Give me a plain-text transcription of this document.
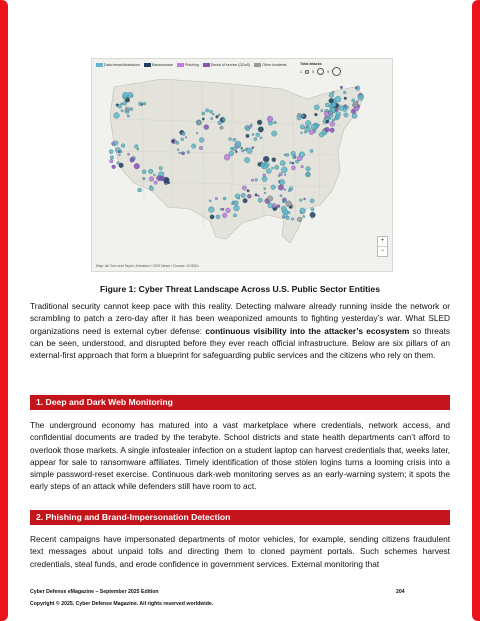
Data breach/leakdown	Ransomware	Phishing	Denial of service (DDoS)	Other incidents	Total attacks
1	5	9
+
−
Map: Ari Sen and Taylor Johnston / CBS News • Source: KODEx
Figure 1: Cyber Threat Landscape Across U.S. Public Sector Entities

Traditional security cannot keep pace with this reality. Detecting malware already running inside the network or scrambling to patch a zero-day after it has been weaponized amounts to fighting yesterday’s war. What SLED organizations need is external cyber defense: continuous visibility into the attacker’s ecosystem so threats can be seen, understood, and disrupted before they ever reach official infrastructure. Below are six pillars of an external-first approach that form a blueprint for safeguarding public services and the citizens who rely on them.

1. Deep and Dark Web Monitoring

The underground economy has matured into a vast marketplace where credentials, network access, and confidential documents are traded by the terabyte. School districts and state health departments can’t afford to overlook those markets. A single infostealer infection on a student laptop can harvest credentials that, weeks later, appear for sale to ransomware affiliates. Timely identification of those stolen logins turns a looming crisis into a simple password-reset exercise. Continuous dark-web monitoring serves as an early-warning system; it spots the early steps of an attack while defenders still have room to act.

2. Phishing and Brand-Impersonation Detection

Recent campaigns have impersonated departments of motor vehicles, for example, sending citizens fraudulent text messages about unpaid tolls and directing them to cloned payment portals. Such schemes harvest credentials, steal funds, and erode confidence in government services. External monitoring that

Cyber Defense eMagazine – September 2025 Edition	204
Copyright © 2025, Cyber Defense Magazine. All rights reserved worldwide.
